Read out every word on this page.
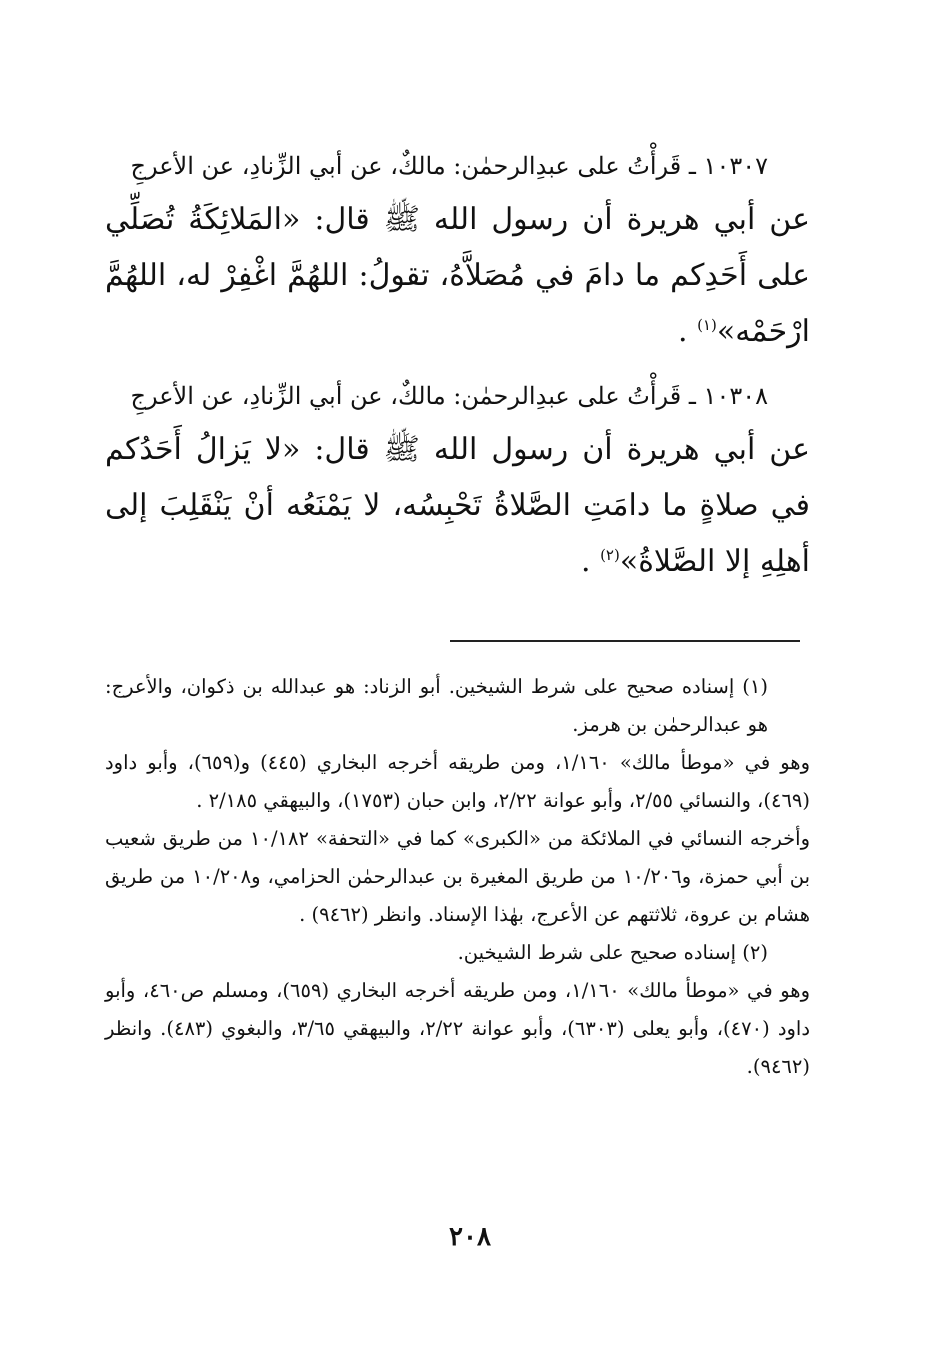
١٠٣٠٧ ـ قَرأْتُ على عبدِالرحمٰن: مالكٌ، عن أبي الزِّنادِ، عن الأعرجِ

عن أبي هريرة أن رسول الله ﷺ قال: «المَلائِكَةُ تُصَلِّي على أَحَدِكم ما دامَ في مُصَلاَّهُ، تقولُ: اللهُمَّ اغْفِرْ له، اللهُمَّ ارْحَمْه»$^{(١)}$ .

١٠٣٠٨ ـ قَرأْتُ على عبدِالرحمٰن: مالكٌ، عن أبي الزِّنادِ، عن الأعرجِ

عن أبي هريرة أن رسول الله ﷺ قال: «لا يَزالُ أَحَدُكم في صلاةٍ ما دامَتِ الصَّلاةُ تَحْبِسُه، لا يَمْنَعُه أنْ يَنْقَلِبَ إلى أهلِهِ إلا الصَّلاةُ»$^{(٢)}$ .

(١) إسناده صحيح على شرط الشيخين. أبو الزناد: هو عبدالله بن ذكوان، والأعرج: هو عبدالرحمٰن بن هرمز.

وهو في «موطأ مالك» ١/١٦٠، ومن طريقه أخرجه البخاري (٤٤٥) و(٦٥٩)، وأبو داود (٤٦٩)، والنسائي ٢/٥٥، وأبو عوانة ٢/٢٢، وابن حبان (١٧٥٣)، والبيهقي ٢/١٨٥ .

وأخرجه النسائي في الملائكة من «الكبرى» كما في «التحفة» ١٠/١٨٢ من طريق شعيب بن أبي حمزة، و١٠/٢٠٦ من طريق المغيرة بن عبدالرحمٰن الحزامي، و١٠/٢٠٨ من طريق هشام بن عروة، ثلاثتهم عن الأعرج، بهٰذا الإسناد. وانظر (٩٤٦٢) .

(٢) إسناده صحيح على شرط الشيخين.

وهو في «موطأ مالك» ١/١٦٠، ومن طريقه أخرجه البخاري (٦٥٩)، ومسلم ص٤٦٠، وأبو داود (٤٧٠)، وأبو يعلى (٦٣٠٣)، وأبو عوانة ٢/٢٢، والبيهقي ٣/٦٥، والبغوي (٤٨٣). وانظر (٩٤٦٢).

٢٠٨
